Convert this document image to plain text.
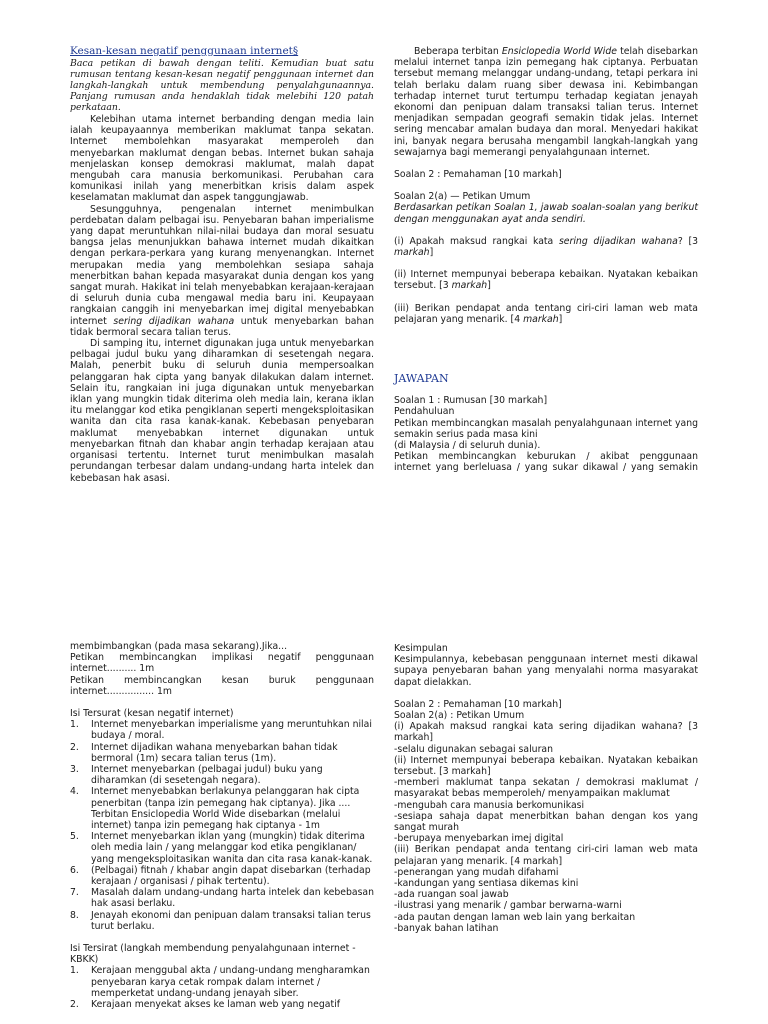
Kesan-kesan negatif penggunaan internet§
Baca petikan di bawah dengan teliti. Kemudian buat satu rumusan tentang kesan-kesan negatif penggunaan internet dan langkah-langkah untuk membendung penyalahgunaannya. Panjang rumusan anda hendaklah tidak melebihi 120 patah perkataan.

Kelebihan utama internet berbanding dengan media lain ialah keupayaannya memberikan maklumat tanpa sekatan. Internet membolehkan masyarakat memperoleh dan menyebarkan maklumat dengan bebas. Internet bukan sahaja menjelaskan konsep demokrasi maklumat, malah dapat mengubah cara manusia berkomunikasi. Perubahan cara komunikasi inilah yang menerbitkan krisis dalam aspek keselamatan maklumat dan aspek tanggungjawab.

Sesungguhnya, pengenalan internet menimbulkan perdebatan dalam pelbagai isu. Penyebaran bahan imperialisme yang dapat meruntuhkan nilai-nilai budaya dan moral sesuatu bangsa jelas menunjukkan bahawa internet mudah dikaitkan dengan perkara-perkara yang kurang menyenangkan. Internet merupakan media yang membolehkan sesiapa sahaja menerbitkan bahan kepada masyarakat dunia dengan kos yang sangat murah. Hakikat ini telah menyebabkan kerajaan-kerajaan di seluruh dunia cuba mengawal media baru ini. Keupayaan rangkaian canggih ini menyebarkan imej digital menyebabkan internet sering dijadikan wahana untuk menyebarkan bahan tidak bermoral secara talian terus.

Di samping itu, internet digunakan juga untuk menyebarkan pelbagai judul buku yang diharamkan di sesetengah negara. Malah, penerbit buku di seluruh dunia mempersoalkan pelanggaran hak cipta yang banyak dilakukan dalam internet. Selain itu, rangkaian ini juga digunakan untuk menyebarkan iklan yang mungkin tidak diterima oleh media lain, kerana iklan itu melanggar kod etika pengiklanan seperti mengeksploitasikan wanita dan cita rasa kanak-kanak. Kebebasan penyebaran maklumat menyebabkan internet digunakan untuk menyebarkan fitnah dan khabar angin terhadap kerajaan atau organisasi tertentu. Internet turut menimbulkan masalah perundangan terbesar dalam undang-undang harta intelek dan kebebasan hak asasi.

Beberapa terbitan Ensiclopedia World Wide telah disebarkan melalui internet tanpa izin pemegang hak ciptanya. Perbuatan tersebut memang melanggar undang-undang, tetapi perkara ini telah berlaku dalam ruang siber dewasa ini. Kebimbangan terhadap internet turut tertumpu terhadap kegiatan jenayah ekonomi dan penipuan dalam transaksi talian terus. Internet menjadikan sempadan geografi semakin tidak jelas. Internet sering mencabar amalan budaya dan moral. Menyedari hakikat ini, banyak negara berusaha mengambil langkah-langkah yang sewajarnya bagi memerangi penyalahgunaan internet.

Soalan 2 : Pemahaman [10 markah]
Soalan 2(a) — Petikan Umum
Berdasarkan petikan Soalan 1, jawab soalan-soalan yang berikut dengan menggunakan ayat anda sendiri.
(i) Apakah maksud rangkai kata sering dijadikan wahana? [3 markah]
(ii) Internet mempunyai beberapa kebaikan. Nyatakan kebaikan tersebut. [3 markah]
(iii) Berikan pendapat anda tentang ciri-ciri laman web mata pelajaran yang menarik. [4 markah]
JAWAPAN
Soalan 1 : Rumusan [30 markah]
Pendahuluan
Petikan membincangkan masalah penyalahgunaan internet yang semakin serius pada masa kini
(di Malaysia / di seluruh dunia).
Petikan membincangkan keburukan / akibat penggunaan internet yang berleluasa / yang sukar dikawal / yang semakin
membimbangkan (pada masa sekarang).Jika...
Petikan membincangkan implikasi negatif penggunaan
internet.......... 1m
Petikan membincangkan kesan buruk penggunaan
internet................ 1m
Isi Tersurat (kesan negatif internet)
1. Internet menyebarkan imperialisme yang meruntuhkan nilai budaya / moral.
2. Internet dijadikan wahana menyebarkan bahan tidak bermoral (1m) secara talian terus (1m).
3. Internet menyebarkan (pelbagai judul) buku yang diharamkan (di sesetengah negara).
4. Internet menyebabkan berlakunya pelanggaran hak cipta penerbitan (tanpa izin pemegang hak ciptanya). Jika .... Terbitan Ensiclopedia World Wide disebarkan (melalui internet) tanpa izin pemegang hak ciptanya - 1m
5. Internet menyebarkan iklan yang (mungkin) tidak diterima oleh media lain / yang melanggar kod etika pengiklanan/ yang mengeksploitasikan wanita dan cita rasa kanak-kanak.
6. (Pelbagai) fitnah / khabar angin dapat disebarkan (terhadap kerajaan / organisasi / pihak tertentu).
7. Masalah dalam undang-undang harta intelek dan kebebasan hak asasi berlaku.
8. Jenayah ekonomi dan penipuan dalam transaksi talian terus turut berlaku.
Isi Tersirat (langkah membendung penyalahgunaan internet - KBKK)
1. Kerajaan menggubal akta / undang-undang mengharamkan penyebaran karya cetak rompak dalam internet / memperketat undang-undang jenayah siber.
2. Kerajaan menyekat akses ke laman web yang negatif
Kesimpulan
Kesimpulannya, kebebasan penggunaan internet mesti dikawal supaya penyebaran bahan yang menyalahi norma masyarakat dapat dielakkan.
Soalan 2 : Pemahaman [10 markah]
Soalan 2(a) : Petikan Umum
(i) Apakah maksud rangkai kata sering dijadikan wahana? [3 markah]
-selalu digunakan sebagai saluran
(ii) Internet mempunyai beberapa kebaikan. Nyatakan kebaikan tersebut. [3 markah]
-memberi maklumat tanpa sekatan / demokrasi maklumat / masyarakat bebas memperoleh/ menyampaikan maklumat
-mengubah cara manusia berkomunikasi
-sesiapa sahaja dapat menerbitkan bahan dengan kos yang sangat murah
-berupaya menyebarkan imej digital
(iii) Berikan pendapat anda tentang ciri-ciri laman web mata pelajaran yang menarik. [4 markah]
-penerangan yang mudah difahami
-kandungan yang sentiasa dikemas kini
-ada ruangan soal jawab
-ilustrasi yang menarik / gambar berwarna-warni
-ada pautan dengan laman web lain yang berkaitan
-banyak bahan latihan
